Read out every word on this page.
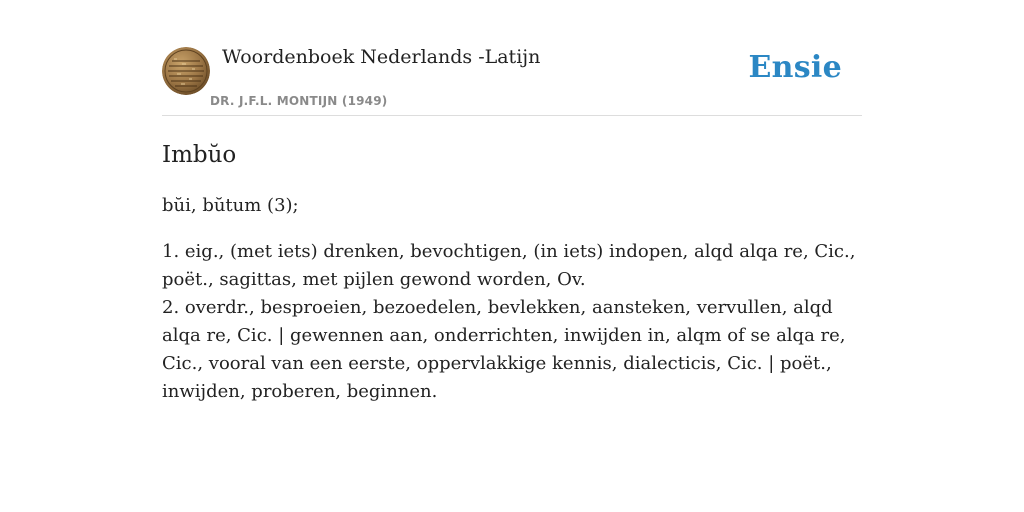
Woordenboek Nederlands -Latijn
DR. J.F.L. MONTIJN (1949)
Ensie
Imbŭo
bŭi, bŭtum (3);

1. eig., (met iets) drenken, bevochtigen, (in iets) indopen, alqd alqa re, Cic., poët., sagittas, met pijlen gewond worden, Ov.

2. overdr., besproeien, bezoedelen, bevlekken, aansteken, vervullen, alqd alqa re, Cic. | gewennen aan, onderrichten, inwijden in, alqm of se alqa re, Cic., vooral van een eerste, oppervlakkige kennis, dialecticis, Cic. | poët., inwijden, proberen, beginnen.
